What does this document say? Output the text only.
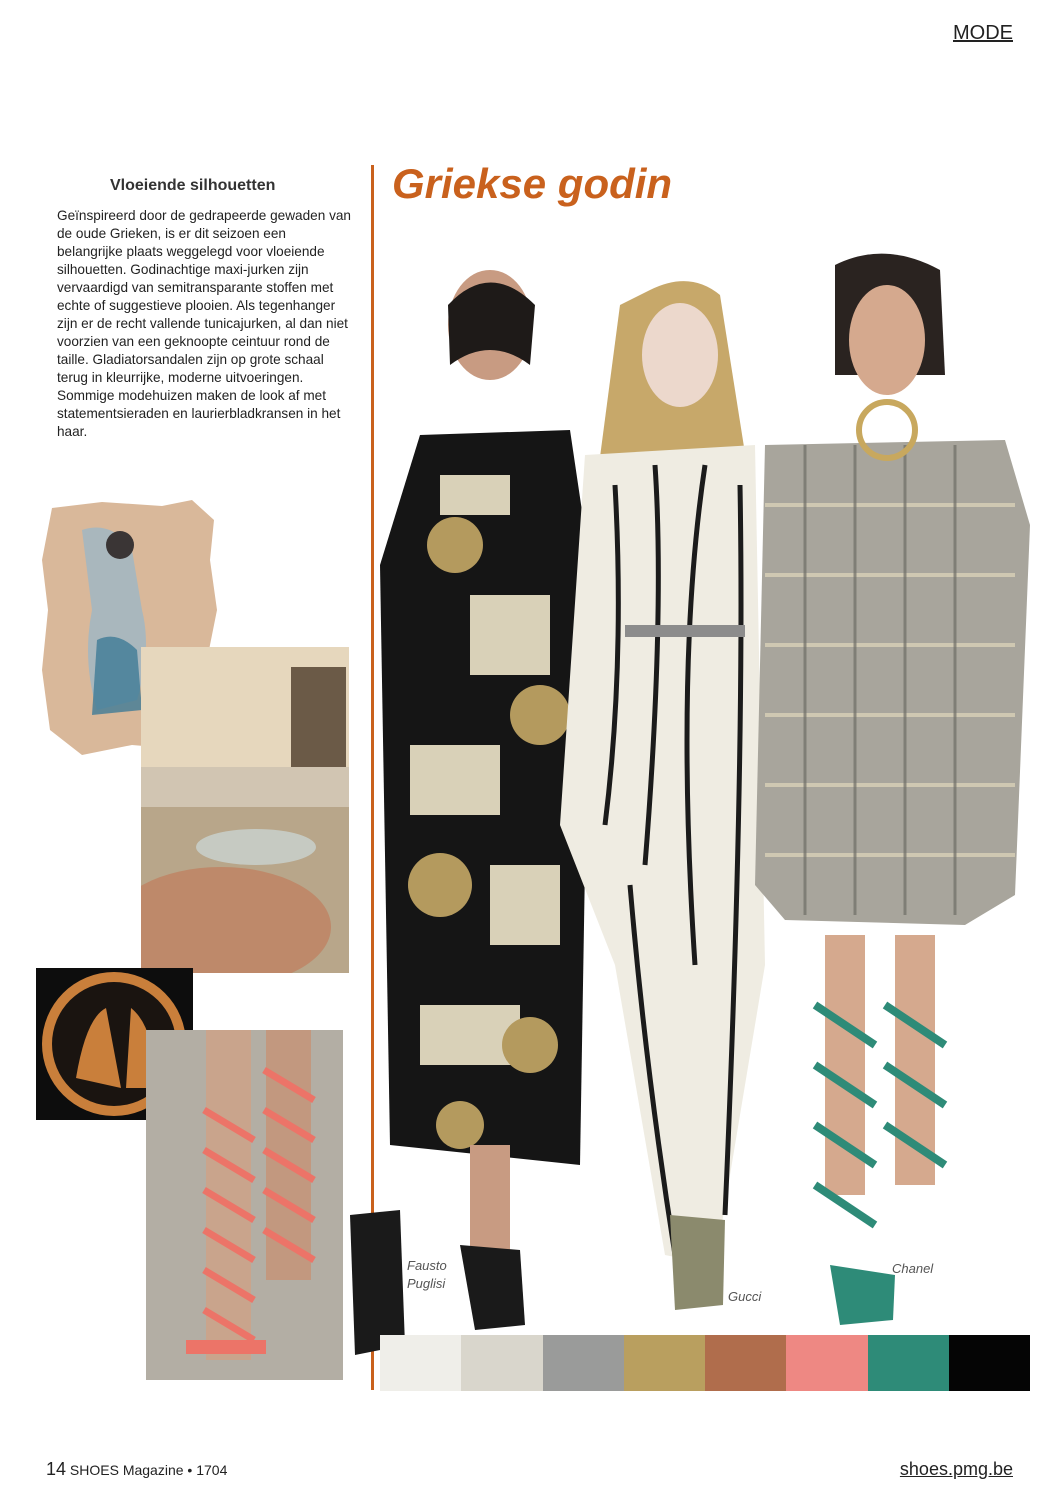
MODE
Vloeiende silhouetten

Geïnspireerd door de gedrapeerde gewaden van de oude Grieken, is er dit seizoen een belangrijke plaats weggelegd voor vloeiende silhouetten. Godinachtige maxi-jurken zijn vervaardigd van semitransparante stoffen met echte of suggestieve plooien. Als tegenhanger zijn er de recht vallende tunicajurken, al dan niet voorzien van een geknoopte ceintuur rond de taille. Gladiatorsandalen zijn op grote schaal terug in kleurrijke, moderne uitvoeringen. Sommige modehuizen maken de look af met statementsieraden en laurierbladkransen in het haar.

Griekse godin
Fausto
Puglisi
Gucci
Chanel
14 SHOES Magazine • 1704	shoes.pmg.be
